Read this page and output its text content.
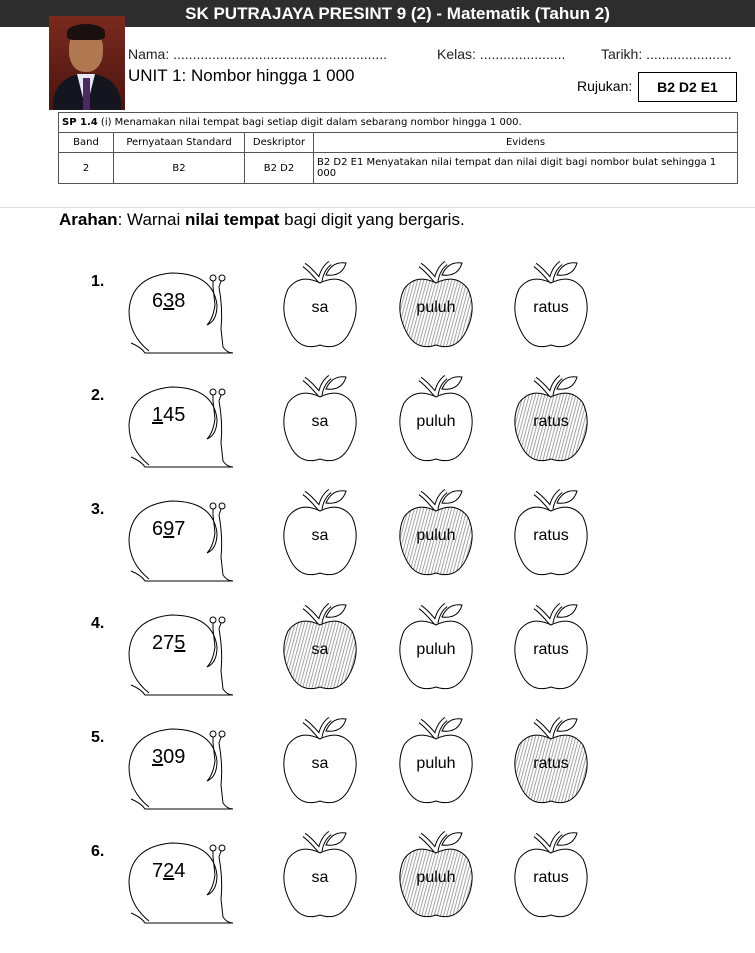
SK PUTRAJAYA PRESINT 9 (2) - Matematik (Tahun 2)
Nama: .......................................................	Kelas: ......................	Tarikh: ......................
UNIT 1: Nombor hingga 1 000
Rujukan:	B2 D2 E1
SP 1.4 (i) Menamakan nilai tempat bagi setiap digit dalam sebarang nombor hingga 1 000.			
Band	Pernyataan Standard	Deskriptor	Evidens
2	B2	B2 D2	B2 D2 E1 Menyatakan nilai tempat dan nilai digit bagi nombor bulat sehingga 1 000
Arahan: Warnai nilai tempat bagi digit yang bergaris.
1.
638	sa	puluh	ratus
2.
145	sa	puluh	ratus
3.
697	sa	puluh	ratus
4.
275	sa	puluh	ratus
5.
309	sa	puluh	ratus
6.
724	sa	puluh	ratus
